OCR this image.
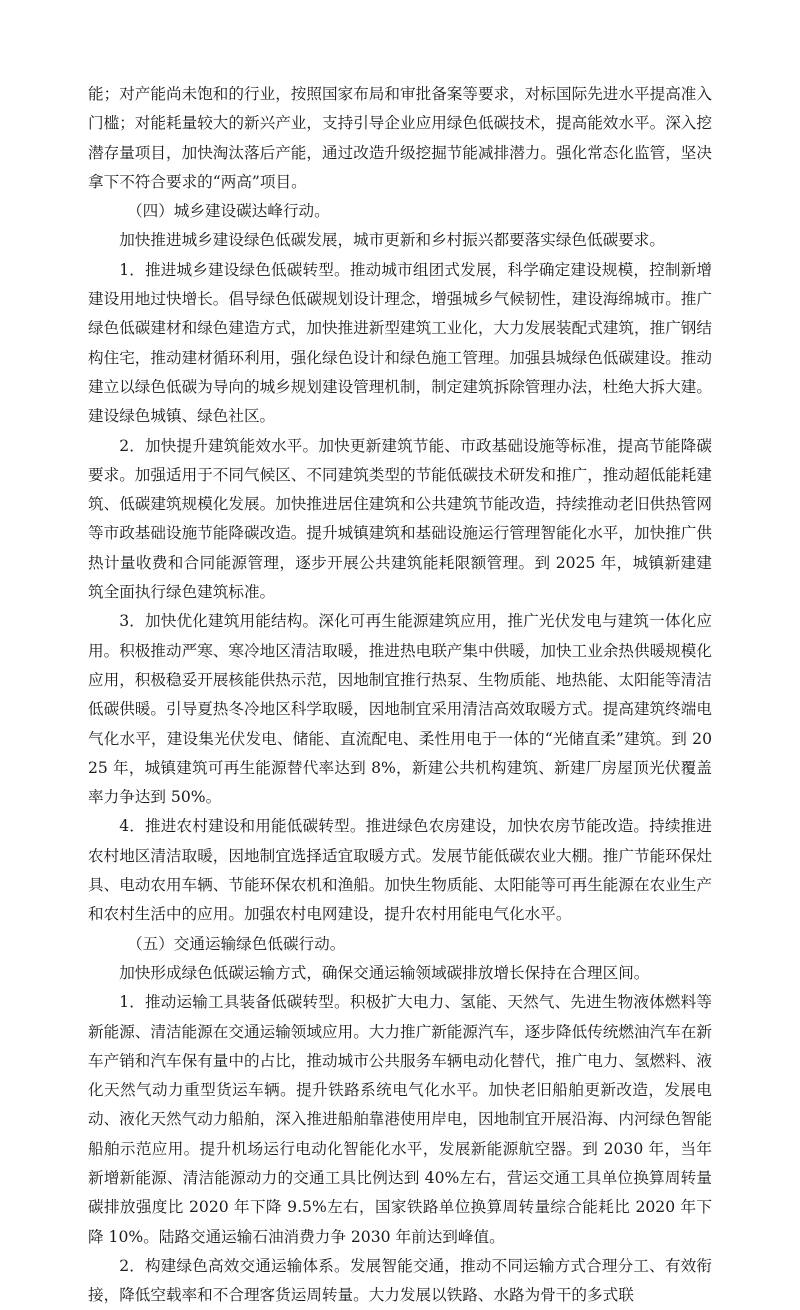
能；对产能尚未饱和的行业，按照国家布局和审批备案等要求，对标国际先进水平提高准入门槛；对能耗量较大的新兴产业，支持引导企业应用绿色低碳技术，提高能效水平。深入挖潜存量项目，加快淘汰落后产能，通过改造升级挖掘节能减排潜力。强化常态化监管，坚决拿下不符合要求的“两高”项目。

（四）城乡建设碳达峰行动。

加快推进城乡建设绿色低碳发展，城市更新和乡村振兴都要落实绿色低碳要求。

1．推进城乡建设绿色低碳转型。推动城市组团式发展，科学确定建设规模，控制新增建设用地过快增长。倡导绿色低碳规划设计理念，增强城乡气候韧性，建设海绵城市。推广绿色低碳建材和绿色建造方式，加快推进新型建筑工业化，大力发展装配式建筑，推广钢结构住宅，推动建材循环利用，强化绿色设计和绿色施工管理。加强县城绿色低碳建设。推动建立以绿色低碳为导向的城乡规划建设管理机制，制定建筑拆除管理办法，杜绝大拆大建。建设绿色城镇、绿色社区。

2．加快提升建筑能效水平。加快更新建筑节能、市政基础设施等标准，提高节能降碳要求。加强适用于不同气候区、不同建筑类型的节能低碳技术研发和推广，推动超低能耗建筑、低碳建筑规模化发展。加快推进居住建筑和公共建筑节能改造，持续推动老旧供热管网等市政基础设施节能降碳改造。提升城镇建筑和基础设施运行管理智能化水平，加快推广供热计量收费和合同能源管理，逐步开展公共建筑能耗限额管理。到 2025 年，城镇新建建筑全面执行绿色建筑标准。

3．加快优化建筑用能结构。深化可再生能源建筑应用，推广光伏发电与建筑一体化应用。积极推动严寒、寒冷地区清洁取暖，推进热电联产集中供暖，加快工业余热供暖规模化应用，积极稳妥开展核能供热示范，因地制宜推行热泵、生物质能、地热能、太阳能等清洁低碳供暖。引导夏热冬冷地区科学取暖，因地制宜采用清洁高效取暖方式。提高建筑终端电气化水平，建设集光伏发电、储能、直流配电、柔性用电于一体的“光储直柔”建筑。到 2025 年，城镇建筑可再生能源替代率达到 8%，新建公共机构建筑、新建厂房屋顶光伏覆盖率力争达到 50%。

4．推进农村建设和用能低碳转型。推进绿色农房建设，加快农房节能改造。持续推进农村地区清洁取暖，因地制宜选择适宜取暖方式。发展节能低碳农业大棚。推广节能环保灶具、电动农用车辆、节能环保农机和渔船。加快生物质能、太阳能等可再生能源在农业生产和农村生活中的应用。加强农村电网建设，提升农村用能电气化水平。

（五）交通运输绿色低碳行动。

加快形成绿色低碳运输方式，确保交通运输领域碳排放增长保持在合理区间。

1．推动运输工具装备低碳转型。积极扩大电力、氢能、天然气、先进生物液体燃料等新能源、清洁能源在交通运输领域应用。大力推广新能源汽车，逐步降低传统燃油汽车在新车产销和汽车保有量中的占比，推动城市公共服务车辆电动化替代，推广电力、氢燃料、液化天然气动力重型货运车辆。提升铁路系统电气化水平。加快老旧船舶更新改造，发展电动、液化天然气动力船舶，深入推进船舶靠港使用岸电，因地制宜开展沿海、内河绿色智能船舶示范应用。提升机场运行电动化智能化水平，发展新能源航空器。到 2030 年，当年新增新能源、清洁能源动力的交通工具比例达到 40%左右，营运交通工具单位换算周转量碳排放强度比 2020 年下降 9.5%左右，国家铁路单位换算周转量综合能耗比 2020 年下降 10%。陆路交通运输石油消费力争 2030 年前达到峰值。

2．构建绿色高效交通运输体系。发展智能交通，推动不同运输方式合理分工、有效衔接，降低空载率和不合理客货运周转量。大力发展以铁路、水路为骨干的多式联
